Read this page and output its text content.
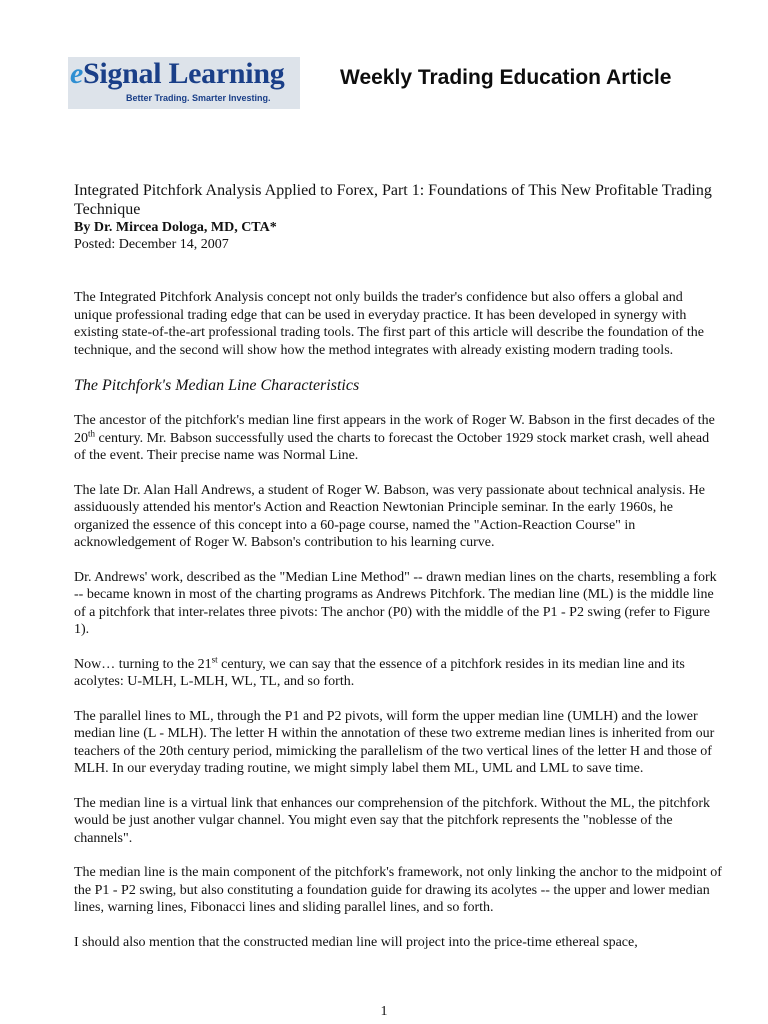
eSignal Learning
Better Trading. Smarter Investing.
Weekly Trading Education Article

Integrated Pitchfork Analysis Applied to Forex, Part 1: Foundations of This New Profitable Trading Technique

By Dr. Mircea Dologa, MD, CTA*

Posted: December 14, 2007

The Integrated Pitchfork Analysis concept not only builds the trader's confidence but also offers a global and unique professional trading edge that can be used in everyday practice. It has been developed in synergy with existing state-of-the-art professional trading tools. The first part of this article will describe the foundation of the technique, and the second will show how the method integrates with already existing modern trading tools.

The Pitchfork's Median Line Characteristics

The ancestor of the pitchfork's median line first appears in the work of Roger W. Babson in the first decades of the 20th century. Mr. Babson successfully used the charts to forecast the October 1929 stock market crash, well ahead of the event. Their precise name was Normal Line.

The late Dr. Alan Hall Andrews, a student of Roger W. Babson, was very passionate about technical analysis. He assiduously attended his mentor's Action and Reaction Newtonian Principle seminar. In the early 1960s, he organized the essence of this concept into a 60-page course, named the "Action-Reaction Course" in acknowledgement of Roger W. Babson's contribution to his learning curve.

Dr. Andrews' work, described as the "Median Line Method" -- drawn median lines on the charts, resembling a fork -- became known in most of the charting programs as Andrews Pitchfork. The median line (ML) is the middle line of a pitchfork that inter-relates three pivots: The anchor (P0) with the middle of the P1 - P2 swing (refer to Figure 1).

Now… turning to the 21st century, we can say that the essence of a pitchfork resides in its median line and its acolytes: U-MLH, L-MLH, WL, TL, and so forth.

The parallel lines to ML, through the P1 and P2 pivots, will form the upper median line (UMLH) and the lower median line (L - MLH). The letter H within the annotation of these two extreme median lines is inherited from our teachers of the 20th century period, mimicking the parallelism of the two vertical lines of the letter H and those of MLH. In our everyday trading routine, we might simply label them ML, UML and LML to save time.

The median line is a virtual link that enhances our comprehension of the pitchfork. Without the ML, the pitchfork would be just another vulgar channel. You might even say that the pitchfork represents the "noblesse of the channels".

The median line is the main component of the pitchfork's framework, not only linking the anchor to the midpoint of the P1 - P2 swing, but also constituting a foundation guide for drawing its acolytes -- the upper and lower median lines, warning lines, Fibonacci lines and sliding parallel lines, and so forth.

I should also mention that the constructed median line will project into the price-time ethereal space,

1
